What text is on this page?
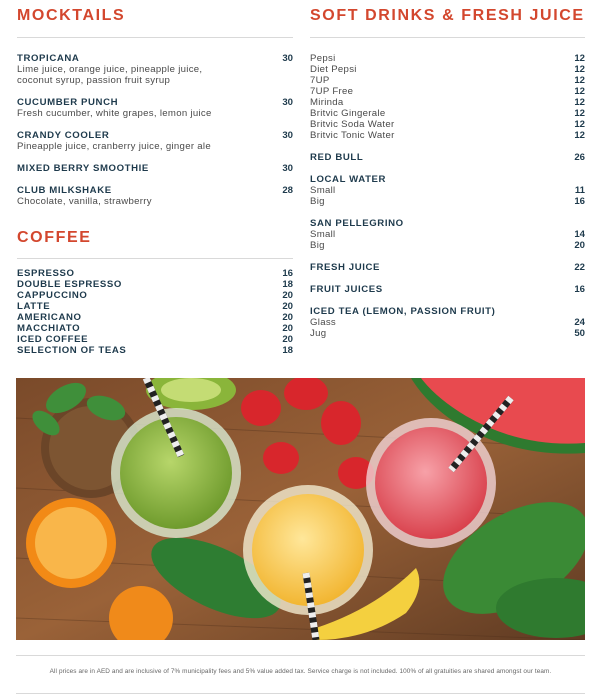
MOCKTAILS
TROPICANA	30
Lime juice, orange juice, pineapple juice,
coconut syrup, passion fruit syrup
CUCUMBER PUNCH	30
Fresh cucumber, white grapes, lemon juice
CRANDY COOLER	30
Pineapple juice, cranberry juice, ginger ale
MIXED BERRY SMOOTHIE	30
CLUB MILKSHAKE	28
Chocolate, vanilla, strawberry
COFFEE
ESPRESSO	16
DOUBLE ESPRESSO	18
CAPPUCCINO	20
LATTE	20
AMERICANO	20
MACCHIATO	20
ICED COFFEE	20
SELECTION OF TEAS	18
SOFT DRINKS & FRESH JUICE
Pepsi	12
Diet Pepsi	12
7UP	12
7UP Free	12
Mirinda	12
Britvic Gingerale	12
Britvic Soda Water	12
Britvic Tonic Water	12
RED BULL	26
LOCAL WATER
Small	11
Big	16
SAN PELLEGRINO
Small	14
Big	20
FRESH JUICE	22
FRUIT JUICES	16
ICED TEA (LEMON, PASSION FRUIT)
Glass	24
Jug	50
All prices are in AED and are inclusive of 7% municipality fees and 5% value added tax. Service charge is not included. 100% of all gratuities are shared amongst our team.
